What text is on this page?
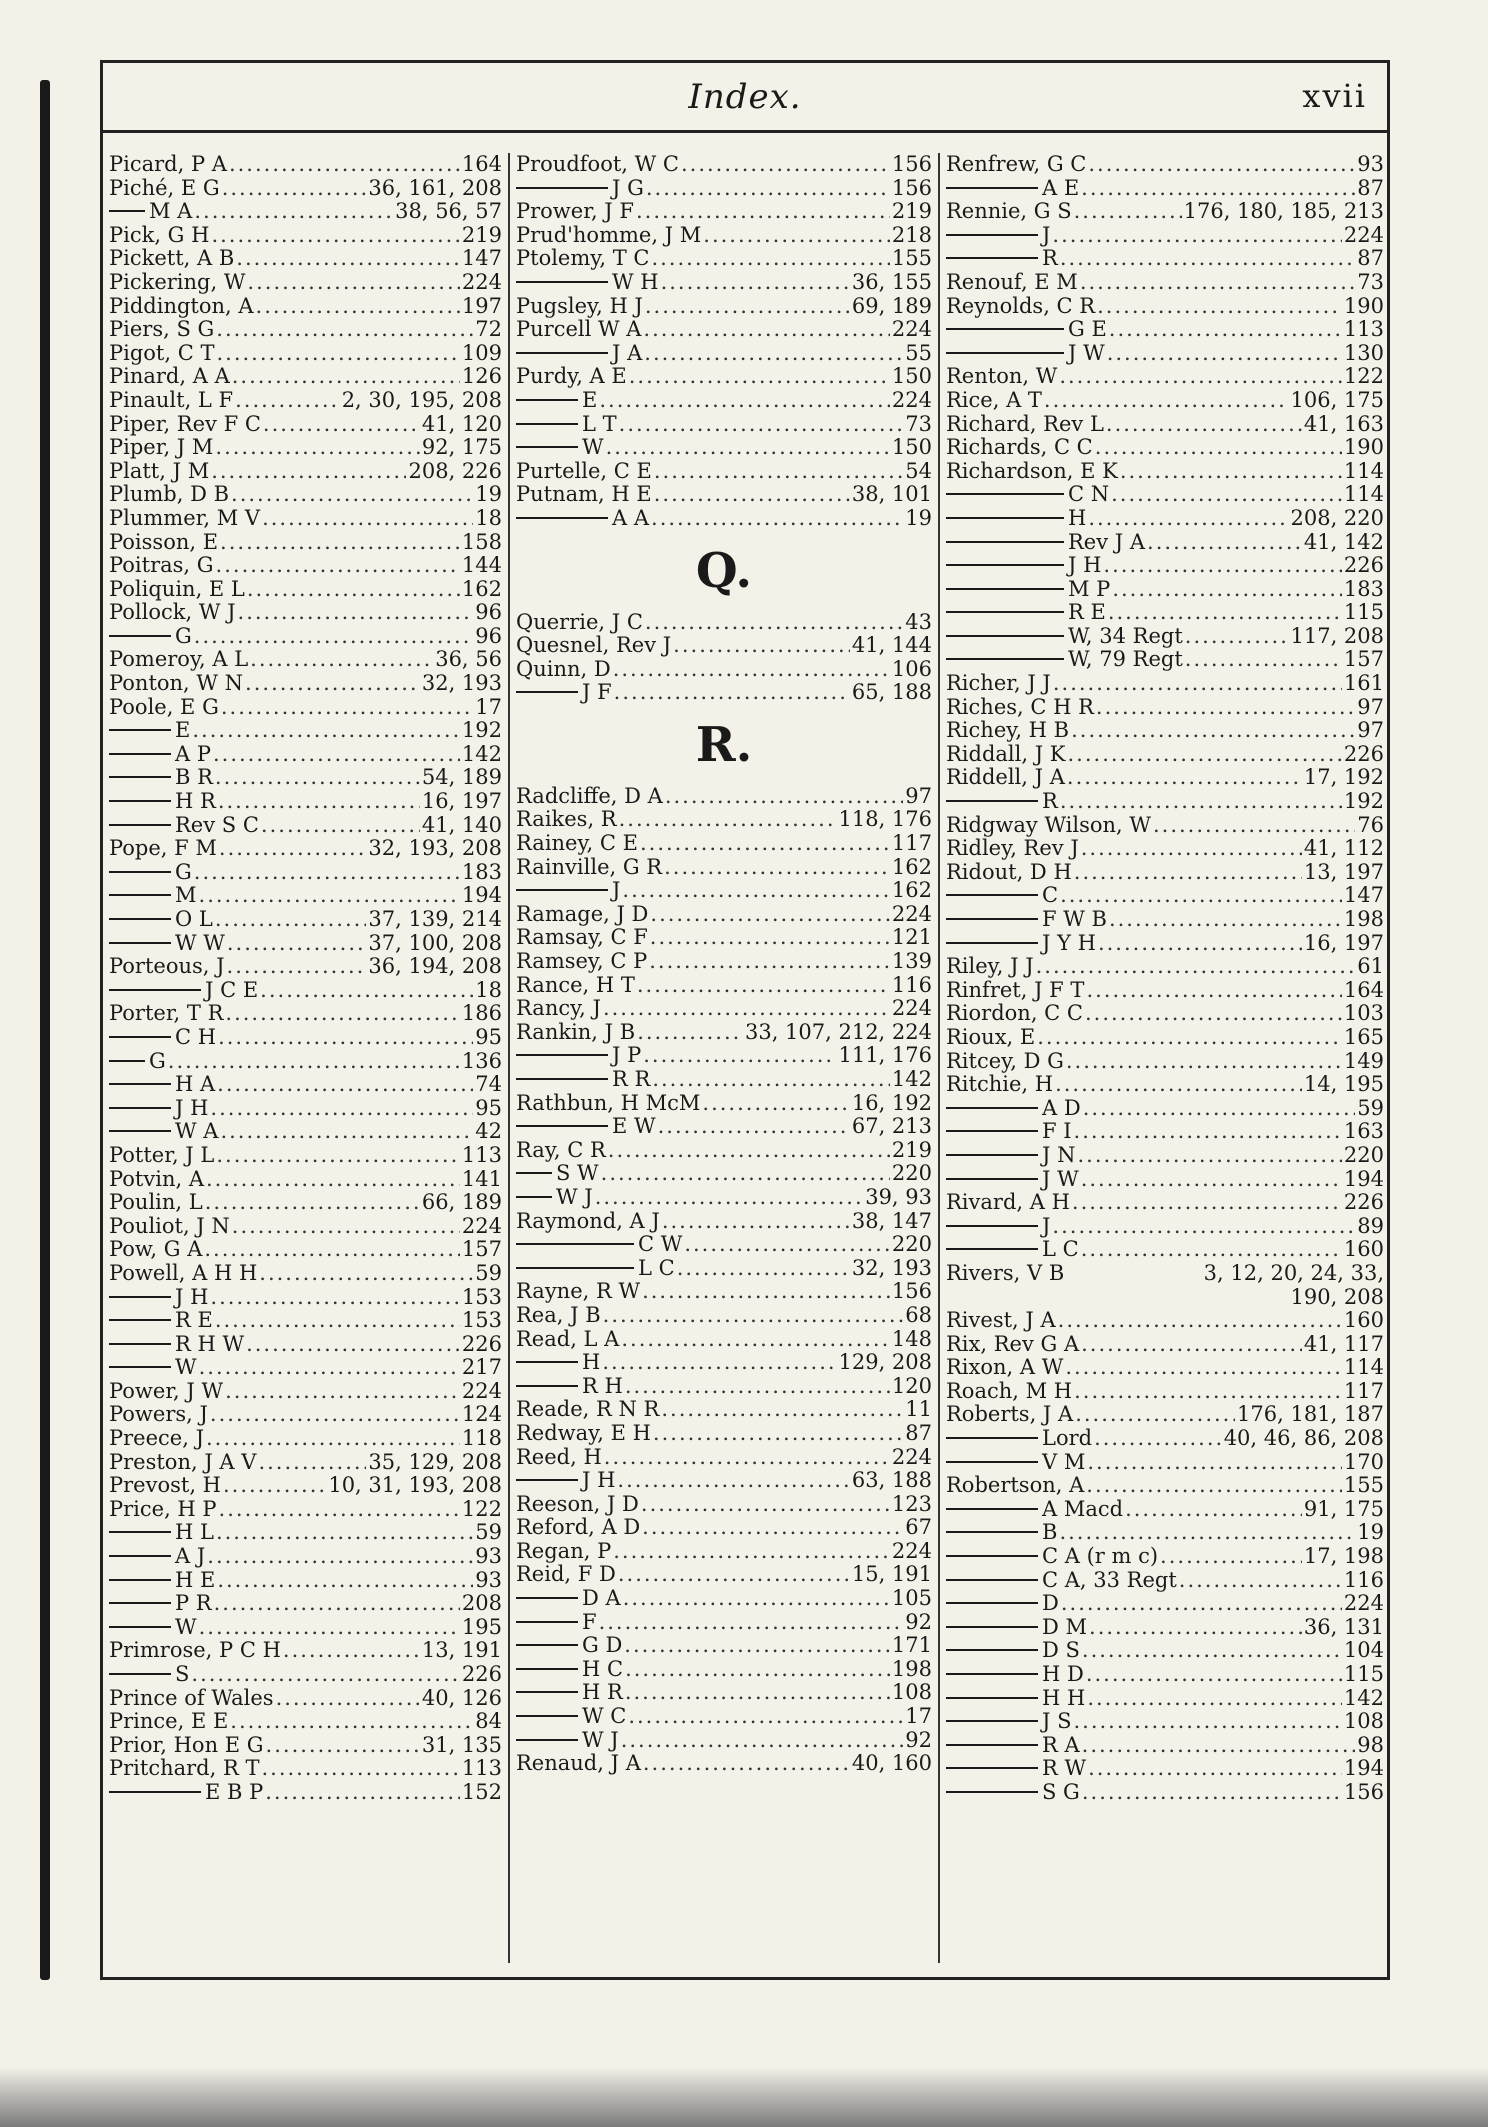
Index.	xvii
Picard, P A .....	164
Piché, E G .....	36, 161, 208
M A .....	38, 56, 57
Pick, G H .....	219
Pickett, A B .....	147
Pickering, W .....	224
Piddington, A .....	197
Piers, S G .....	72
Pigot, C T .....	109
Pinard, A A .....	126
Pinault, L F .....	2, 30, 195, 208
Piper, Rev F C .....	41, 120
Piper, J M .....	92, 175
Platt, J M .....	208, 226
Plumb, D B .....	19
Plummer, M V .....	18
Poisson, E .....	158
Poitras, G .....	144
Poliquin, E L .....	162
Pollock, W J .....	96
G .....	96
Pomeroy, A L .....	36, 56
Ponton, W N .....	32, 193
Poole, E G .....	17
E .....	192
A P .....	142
B R .....	54, 189
H R .....	16, 197
Rev S C .....	41, 140
Pope, F M .....	32, 193, 208
G .....	183
M .....	194
O L .....	37, 139, 214
W W .....	37, 100, 208
Porteous, J .....	36, 194, 208
J C E .....	18
Porter, T R .....	186
C H .....	95
G .....	136
H A .....	74
J H .....	95
W A .....	42
Potter, J L .....	113
Potvin, A .....	141
Poulin, L .....	66, 189
Pouliot, J N .....	224
Pow, G A .....	157
Powell, A H H .....	59
J H .....	153
R E .....	153
R H W .....	226
W .....	217
Power, J W .....	224
Powers, J .....	124
Preece, J .....	118
Preston, J A V .....	35, 129, 208
Prevost, H .....	10, 31, 193, 208
Price, H P .....	122
H L .....	59
A J .....	93
H E .....	93
P R .....	208
W .....	195
Primrose, P C H .....	13, 191
S .....	226
Prince of Wales .....	40, 126
Prince, E E .....	84
Prior, Hon E G .....	31, 135
Pritchard, R T .....	113
E B P .....	152
Proudfoot, W C .....	156
J G .....	156
Prower, J F .....	219
Prud'homme, J M .....	218
Ptolemy, T C .....	155
W H .....	36, 155
Pugsley, H J .....	69, 189
Purcell W A .....	224
J A .....	55
Purdy, A E .....	150
E .....	224
L T .....	73
W .....	150
Purtelle, C E .....	54
Putnam, H E .....	38, 101
A A .....	19
Q.
Querrie, J C .....	43
Quesnel, Rev J .....	41, 144
Quinn, D .....	106
J F .....	65, 188
R.
Radcliffe, D A .....	97
Raikes, R .....	118, 176
Rainey, C E .....	117
Rainville, G R .....	162
J .....	162
Ramage, J D .....	224
Ramsay, C F .....	121
Ramsey, C P .....	139
Rance, H T .....	116
Rancy, J .....	224
Rankin, J B .....	33, 107, 212, 224
J P .....	111, 176
R R .....	142
Rathbun, H McM .....	16, 192
E W .....	67, 213
Ray, C R .....	219
S W .....	220
W J .....	39, 93
Raymond, A J .....	38, 147
C W .....	220
L C .....	32, 193
Rayne, R W .....	156
Rea, J B .....	68
Read, L A .....	148
H .....	129, 208
R H .....	120
Reade, R N R .....	11
Redway, E H .....	87
Reed, H .....	224
J H .....	63, 188
Reeson, J D .....	123
Reford, A D .....	67
Regan, P .....	224
Reid, F D .....	15, 191
D A .....	105
F .....	92
G D .....	171
H C .....	198
H R .....	108
W C .....	17
W J .....	92
Renaud, J A .....	40, 160
Renfrew, G C .....	93
A E .....	87
Rennie, G S .....	176, 180, 185, 213
J .....	224
R .....	87
Renouf, E M .....	73
Reynolds, C R .....	190
G E .....	113
J W .....	130
Renton, W .....	122
Rice, A T .....	106, 175
Richard, Rev L .....	41, 163
Richards, C C .....	190
Richardson, E K .....	114
C N .....	114
H .....	208, 220
Rev J A .....	41, 142
J H .....	226
M P .....	183
R E .....	115
W, 34 Regt .....	117, 208
W, 79 Regt .....	157
Richer, J J .....	161
Riches, C H R .....	97
Richey, H B .....	97
Riddall, J K .....	226
Riddell, J A .....	17, 192
R .....	192
Ridgway Wilson, W .....	76
Ridley, Rev J .....	41, 112
Ridout, D H .....	13, 197
C .....	147
F W B .....	198
J Y H .....	16, 197
Riley, J J .....	61
Rinfret, J F T .....	164
Riordon, C C .....	103
Rioux, E .....	165
Ritcey, D G .....	149
Ritchie, H .....	14, 195
A D .....	59
F I .....	163
J N .....	220
J W .....	194
Rivard, A H .....	226
J .....	89
L C .....	160
Rivers, V B	3, 12, 20, 24, 33,
190, 208
Rivest, J A .....	160
Rix, Rev G A .....	41, 117
Rixon, A W .....	114
Roach, M H .....	117
Roberts, J A .....	176, 181, 187
Lord .....	40, 46, 86, 208
V M .....	170
Robertson, A .....	155
A Macd .....	91, 175
B .....	19
C A (r m c) .....	17, 198
C A, 33 Regt .....	116
D .....	224
D M .....	36, 131
D S .....	104
H D .....	115
H H .....	142
J S .....	108
R A .....	98
R W .....	194
S G .....	156
